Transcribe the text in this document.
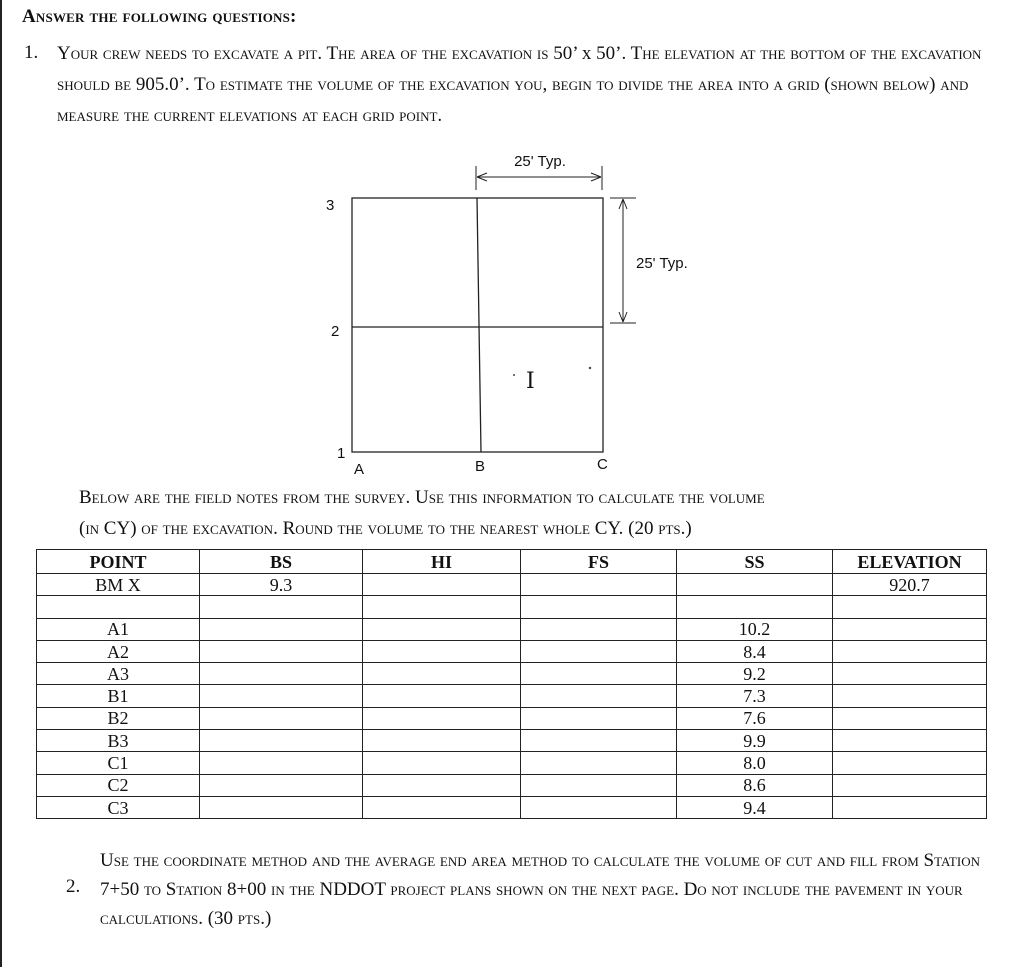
Answer the following questions:
1. Your crew needs to excavate a pit. The area of the excavation is 50’ x 50’. The elevation at the bottom of the excavation should be 905.0’. To estimate the volume of the excavation you, begin to divide the area into a grid (shown below) and measure the current elevations at each grid point.
25' Typ.
25' Typ.
3
2
1
A	B	C
I
Below are the field notes from the survey. Use this information to calculate the volume
(in CY) of the excavation. Round the volume to the nearest whole CY. (20 pts.)
POINT	BS	HI	FS	SS	ELEVATION
BM X	9.3				920.7

A1				10.2	
A2				8.4	
A3				9.2	
B1				7.3	
B2				7.6	
B3				9.9	
C1				8.0	
C2				8.6	
C3				9.4	
2.
Use the coordinate method and the average end area method to calculate the volume of cut and fill from Station 7+50 to Station 8+00 in the NDDOT project plans shown on the next page. Do not include the pavement in your calculations. (30 pts.)
